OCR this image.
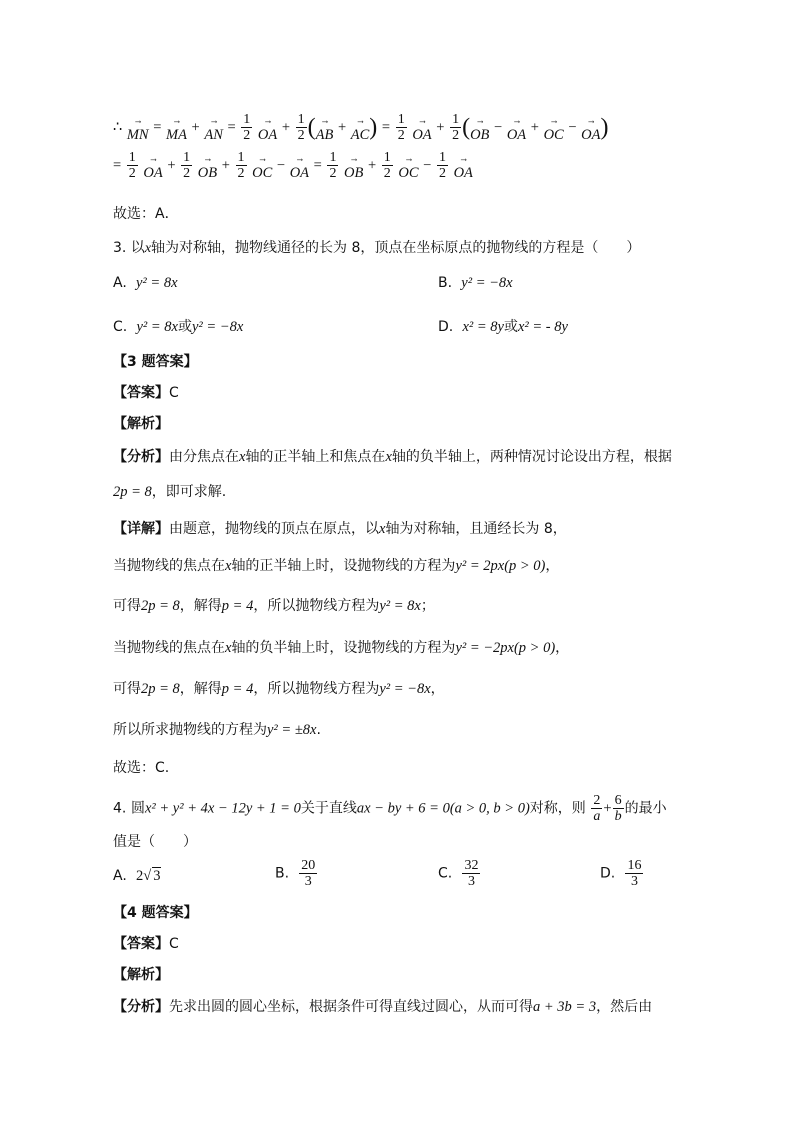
∴ ⟶
MN = ⟶
MA + ⟶
AN = $\frac{1}{2}$
⟶
OA + $\frac{1}{2}$ ( ⟶
AB + ⟶
AC ) = $\frac{1}{2}$
⟶
OA + $\frac{1}{2}$ ( ⟶
OB − ⟶
OA + ⟶
OC − ⟶
OA )
= $\frac{1}{2}$
⟶
OA + $\frac{1}{2}$
⟶
OB + $\frac{1}{2}$
⟶
OC − ⟶
OA = $\frac{1}{2}$
⟶
OB + $\frac{1}{2}$
⟶
OC − $\frac{1}{2}$
⟶
OA
故选：A．
3. 以x轴为对称轴，抛物线通径的长为 8，顶点在坐标原点的抛物线的方程是（　　）
A. y² = 8x	B. y² = −8x
C. y² = 8x或y² = −8x	D. x² = 8y或x² = - 8y
【3 题答案】
【答案】C
【解析】
【分析】由分焦点在x轴的正半轴上和焦点在x轴的负半轴上，两种情况讨论设出方程，根据
2p = 8，即可求解.
【详解】由题意，抛物线的顶点在原点，以x轴为对称轴，且通经长为 8，
当抛物线的焦点在x轴的正半轴上时，设抛物线的方程为y² = 2px(p > 0)，
可得2p = 8，解得p = 4，所以抛物线方程为y² = 8x；
当抛物线的焦点在x轴的负半轴上时，设抛物线的方程为y² = −2px(p > 0)，
可得2p = 8，解得p = 4，所以抛物线方程为y² = −8x，
所以所求抛物线的方程为y² = ±8x.
故选：C.
4. 圆x² + y² + 4x − 12y + 1 = 0关于直线ax − by + 6 = 0(a > 0, b > 0)对称，则 $\frac{2}{a} + \frac{6}{b}$ 的最小
值是（　　）
A. 2√ 3	B. $\frac{20}{3}$	C. $\frac{32}{3}$	D. $\frac{16}{3}$
【4 题答案】
【答案】C
【解析】
【分析】先求出圆的圆心坐标，根据条件可得直线过圆心，从而可得a + 3b = 3，然后由
